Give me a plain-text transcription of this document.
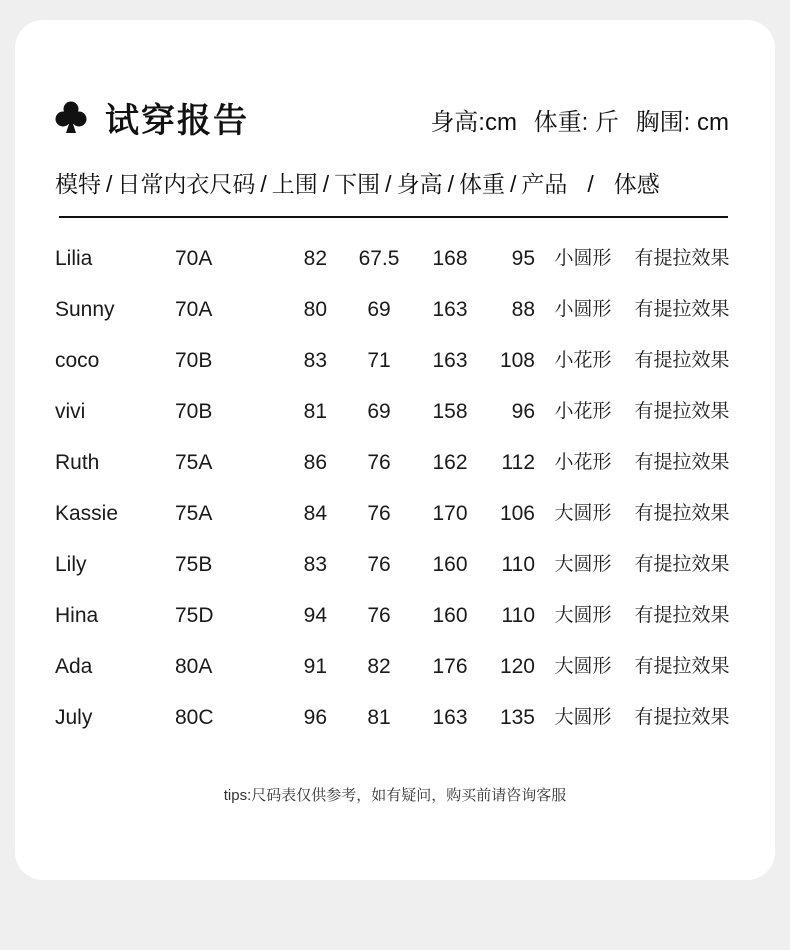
试穿报告	身高:cm 体重: 斤 胸围: cm
模特 / 日常内衣尺码 / 上围 / 下围 / 身高 / 体重 / 产品 / 体感
Lilia	70A	82	67.5	168	95 小圆形	有提拉效果
Sunny	70A	80	69	163	88 小圆形	有提拉效果
coco	70B	83	71	163	108 小花形	有提拉效果
vivi	70B	81	69	158	96 小花形	有提拉效果
Ruth	75A	86	76	162	112 小花形	有提拉效果
Kassie	75A	84	76	170	106 大圆形	有提拉效果
Lily	75B	83	76	160	110 大圆形	有提拉效果
Hina	75D	94	76	160	110 大圆形	有提拉效果
Ada	80A	91	82	176	120 大圆形	有提拉效果
July	80C	96	81	163	135 大圆形	有提拉效果
tips:尺码表仅供参考，如有疑问，购买前请咨询客服
